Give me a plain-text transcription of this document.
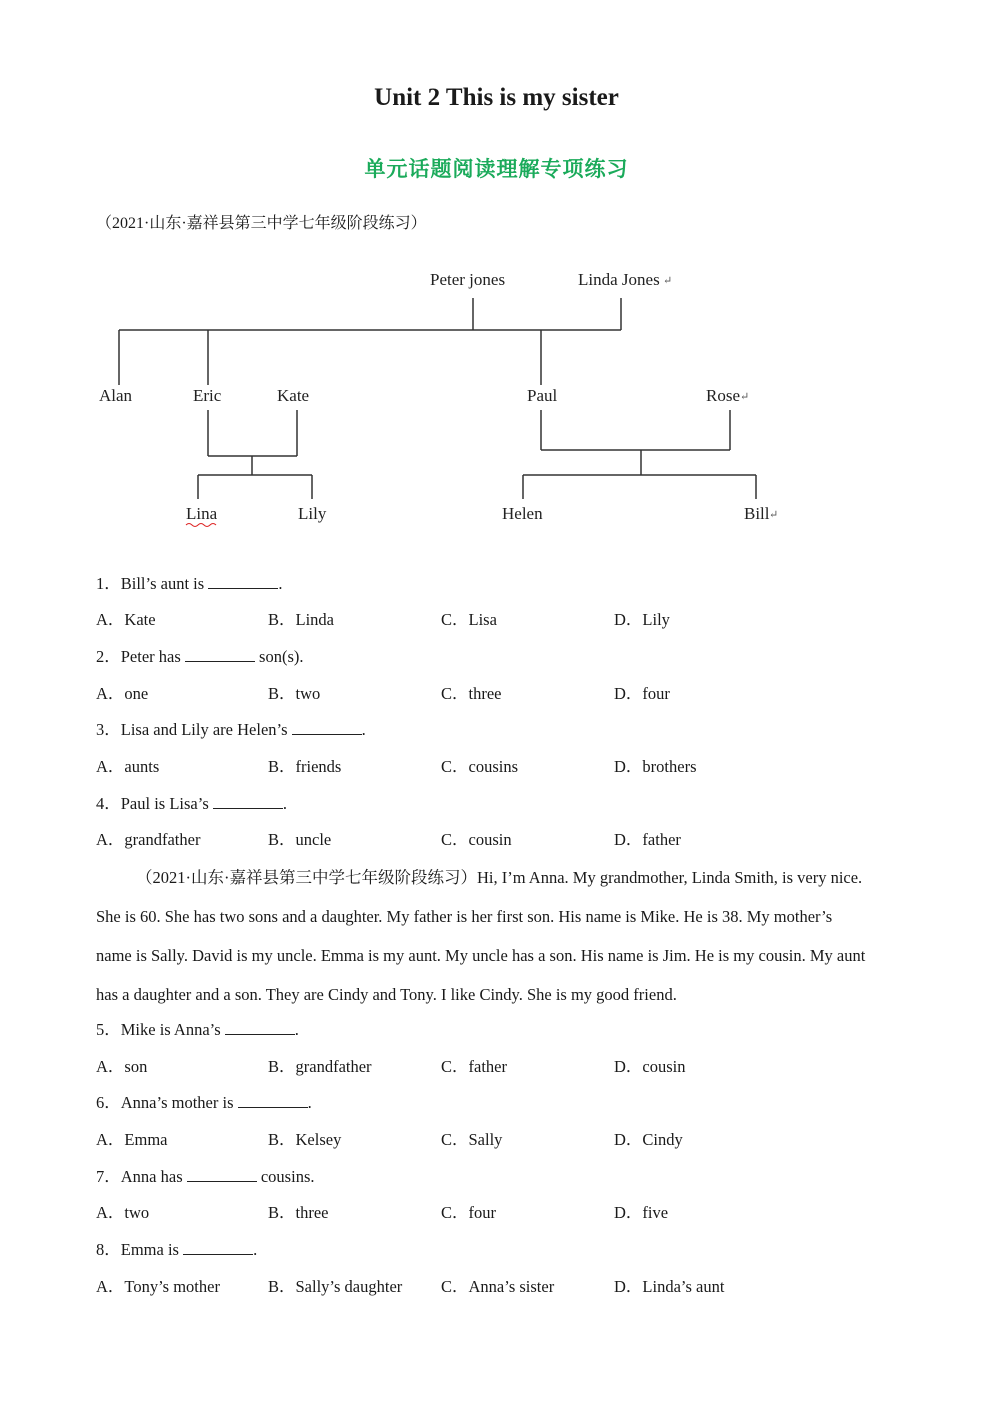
Unit 2 This is my sister
单元话题阅读理解专项练习
（2021·山东·嘉祥县第三中学七年级阶段练习）
Peter jones	Linda Jones ↵
Alan	Eric	Kate	Paul	Rose ↵
Lina	Lily	Helen	Bill ↵
1．Bill’s aunt is	.
A．Kate	B．Linda	C．Lisa	D．Lily
2．Peter has	son(s).
A．one	B．two	C．three	D．four
3．Lisa and Lily are Helen’s	.
A．aunts	B．friends	C．cousins	D．brothers
4．Paul is Lisa’s	.
A．grandfather	B．uncle	C．cousin	D．father
（2021·山东·嘉祥县第三中学七年级阶段练习）Hi, I’m Anna. My grandmother, Linda Smith, is very nice. She is 60. She has two sons and a daughter. My father is her first son. His name is Mike. He is 38. My mother’s name is Sally. David is my uncle. Emma is my aunt. My uncle has a son. His name is Jim. He is my cousin. My aunt has a daughter and a son. They are Cindy and Tony. I like Cindy. She is my good friend.
5．Mike is Anna’s	.
A．son	B．grandfather	C．father	D．cousin
6．Anna’s mother is	.
A．Emma	B．Kelsey	C．Sally	D．Cindy
7．Anna has	cousins.
A．two	B．three	C．four	D．five
8．Emma is	.
A．Tony’s mother	B．Sally’s daughter C．Anna’s sister	D．Linda’s aunt
